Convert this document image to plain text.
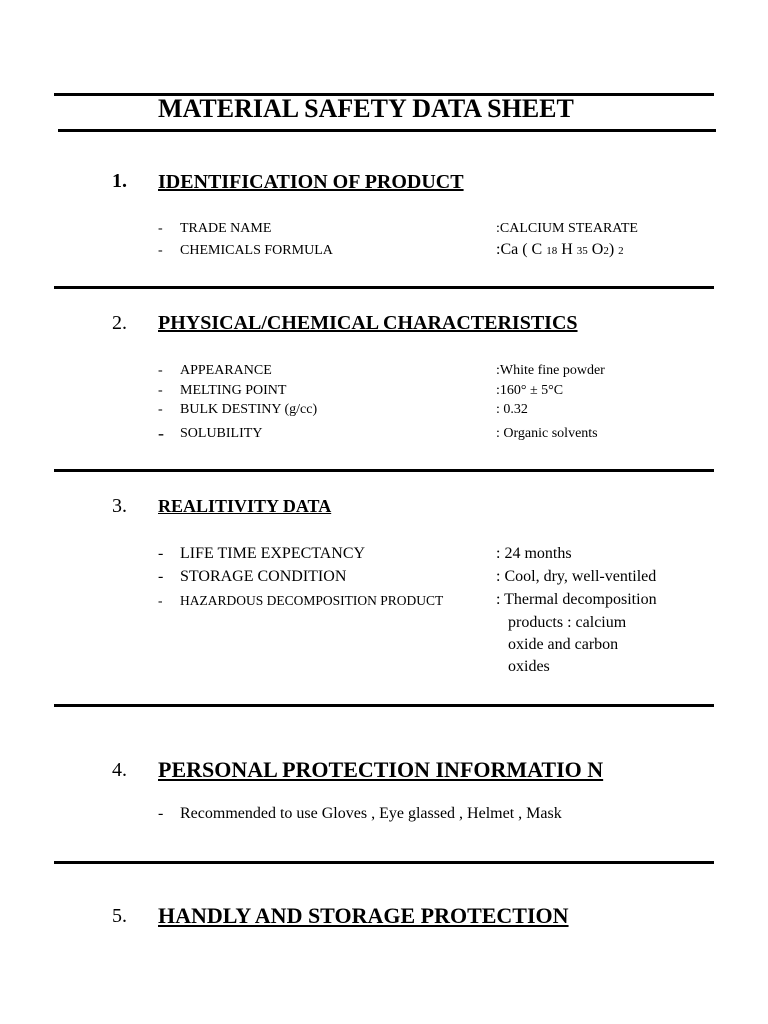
MATERIAL SAFETY DATA SHEET
1. IDENTIFICATION OF PRODUCT
- TRADE NAME	:CALCIUM STEARATE
- CHEMICALS FORMULA	:Ca ( C 18 H 35 O2) 2
2. PHYSICAL/CHEMICAL CHARACTERISTICS
- APPEARANCE	:White fine powder
- MELTING POINT	:160° ± 5°C
- BULK DESTINY (g/cc)	: 0.32
- SOLUBILITY	: Organic solvents
3. REALITIVITY DATA
- LIFE TIME EXPECTANCY	: 24 months
- STORAGE CONDITION	: Cool, dry, well-ventiled
- HAZARDOUS DECOMPOSITION PRODUCT	: Thermal decomposition
products : calcium
oxide and carbon
oxides
4. PERSONAL PROTECTION INFORMATIO N
- Recommended to use Gloves , Eye glassed , Helmet , Mask
5. HANDLY AND STORAGE PROTECTION
